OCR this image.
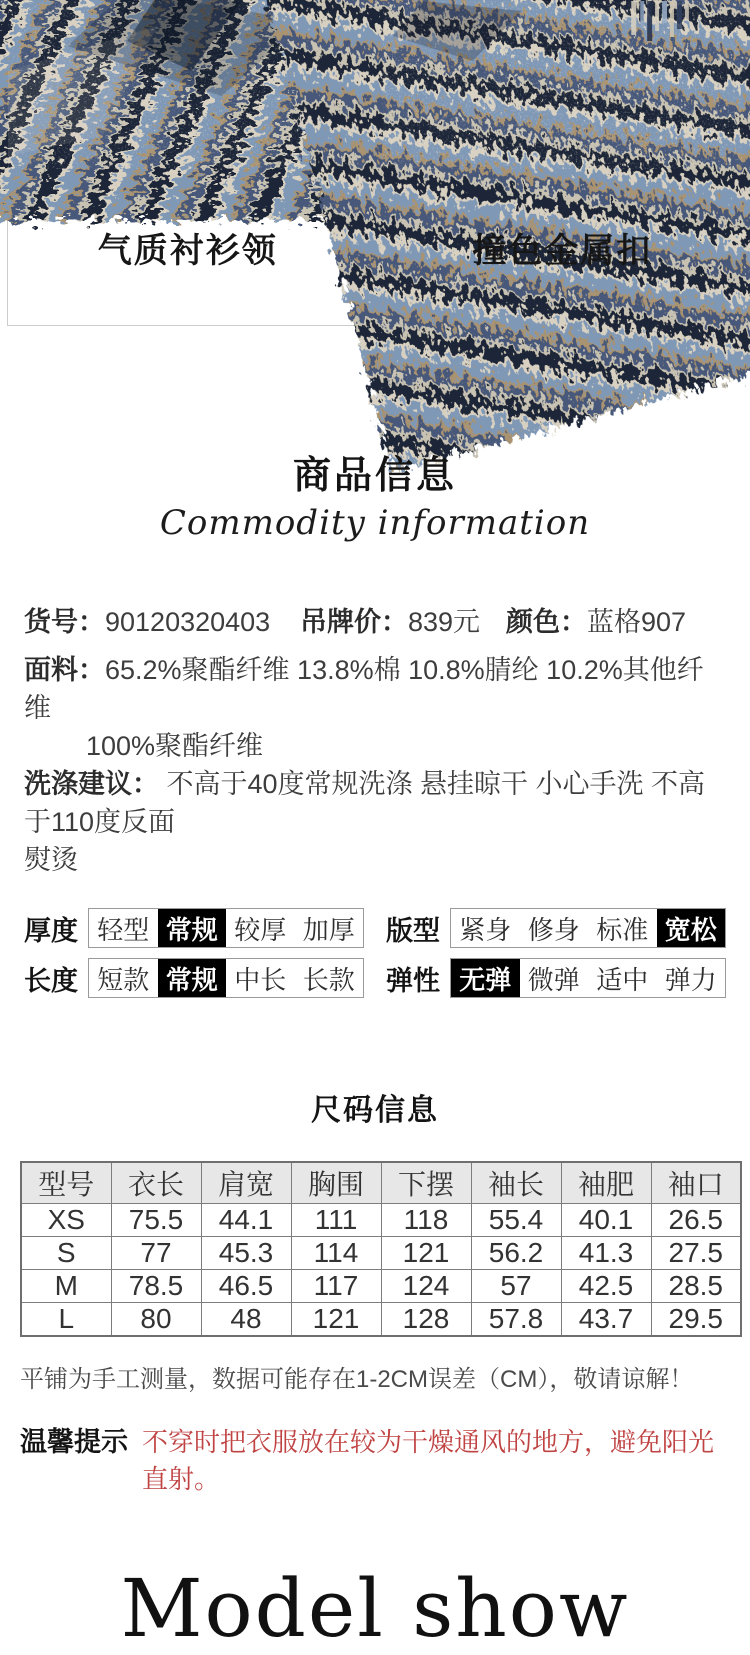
气质衬衫领	撞色金属扣
商品信息
Commodity information
货号：90120320403	吊牌价：839元 颜色：蓝格907
面料：65.2%聚酯纤维 13.8%棉 10.8%腈纶 10.2%其他纤维
100%聚酯纤维
洗涤建议： 不高于40度常规洗涤 悬挂晾干 小心手洗 不高于110度反面
熨烫
厚度 轻型 常规 较厚 加厚	版型 紧身 修身 标准 宽松
长度 短款 常规 中长 长款	弹性 无弹 微弹 适中 弹力
尺码信息
型号	衣长	肩宽	胸围	下摆	袖长	袖肥	袖口
XS	75.5	44.1	111	118	55.4	40.1	26.5
S	77	45.3	114	121	56.2	41.3	27.5
M	78.5	46.5	117	124	57	42.5	28.5
L	80	48	121	128	57.8	43.7	29.5
平铺为手工测量，数据可能存在1-2CM误差（CM），敬请谅解！
温馨提示 不穿时把衣服放在较为干燥通风的地方，避免阳光直射。
Model show
